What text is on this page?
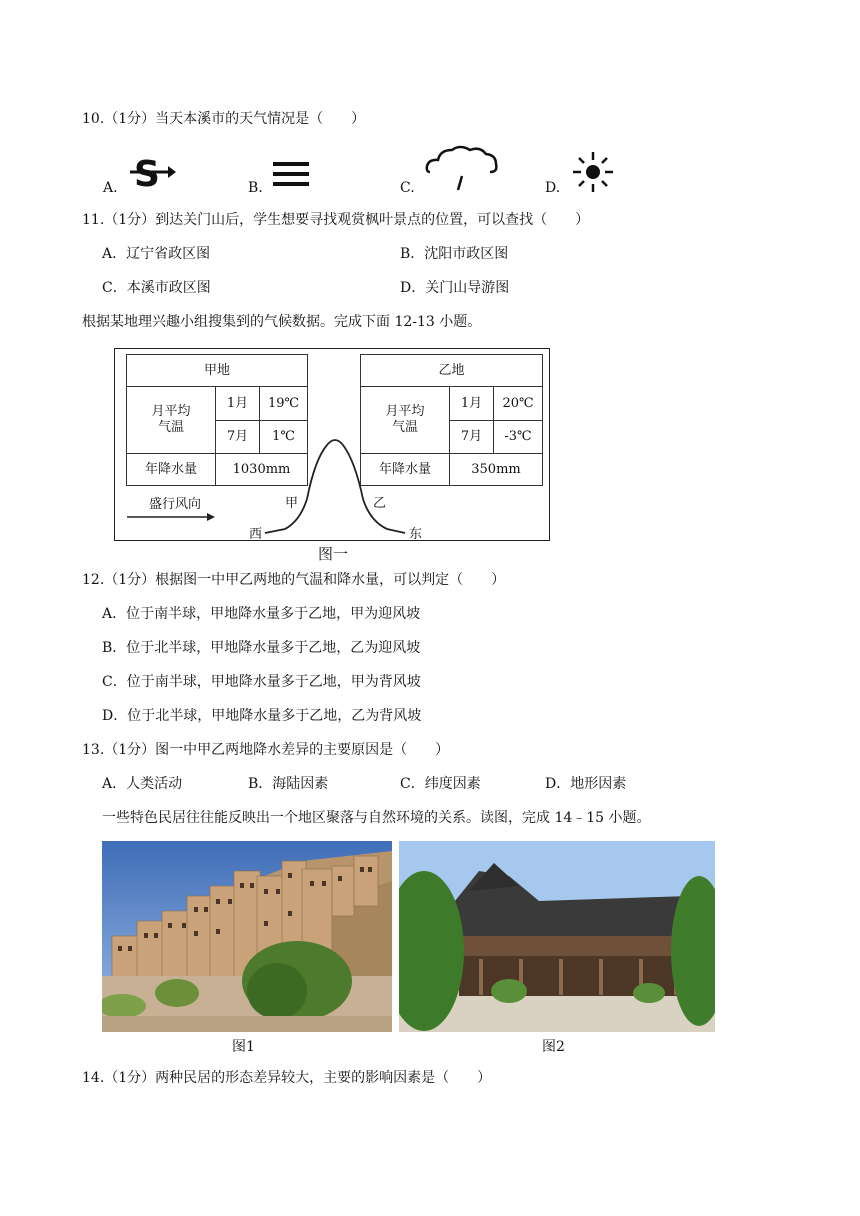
10.（1分）当天本溪市的天气情况是（　　）
A. S	B.	C.	D.
11.（1分）到达关门山后，学生想要寻找观赏枫叶景点的位置，可以查找（　　）
A．辽宁省政区图	B．沈阳市政区图
C．本溪市政区图	D．关门山导游图
根据某地理兴趣小组搜集到的气候数据。完成下面 12-13 小题。
甲地
月平均
气温
1月	19℃
7月	1℃
年降水量	1030mm
乙地
月平均
气温
1月	20℃
7月	-3℃
年降水量	350mm
盛行风向
西	东
甲	乙
图一
12.（1分）根据图一中甲乙两地的气温和降水量，可以判定（　　）
A．位于南半球，甲地降水量多于乙地，甲为迎风坡
B．位于北半球，甲地降水量多于乙地，乙为迎风坡
C．位于南半球，甲地降水量多于乙地，甲为背风坡
D．位于北半球，甲地降水量多于乙地，乙为背风坡
13.（1分）图一中甲乙两地降水差异的主要原因是（　　）
A．人类活动	B．海陆因素	C．纬度因素	D．地形因素
一些特色民居往往能反映出一个地区聚落与自然环境的关系。读图，完成 14﹣15 小题。
图1	图2
14.（1分）两种民居的形态差异较大，主要的影响因素是（　　）
